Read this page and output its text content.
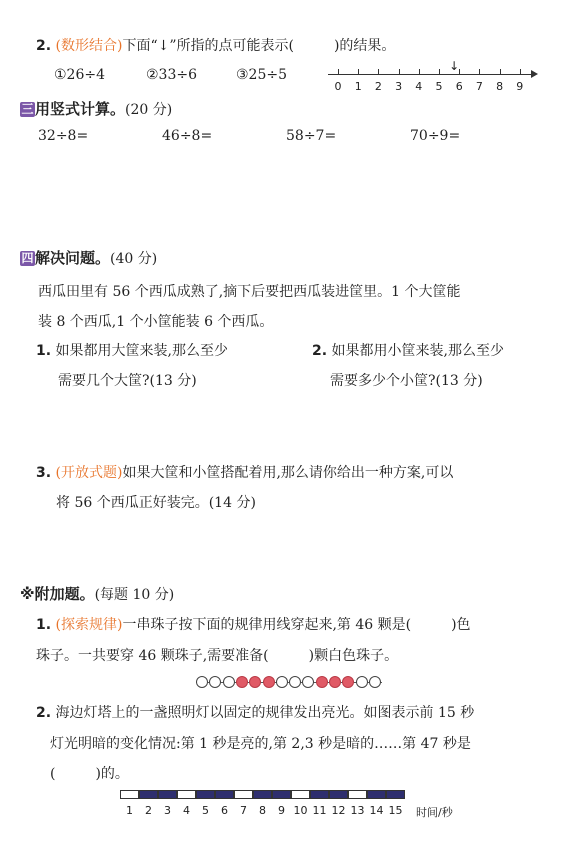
2. (数形结合)下面“↓”所指的点可能表示(	)的结果。
①26÷4	②33÷6	③25÷5
0 1 2 3 4 5 6 7 8 9
↓
三 用竖式计算。(20 分)
32÷8=	46÷8=	58÷7=	70÷9=
四 解决问题。(40 分)
西瓜田里有 56 个西瓜成熟了,摘下后要把西瓜装进筐里。1 个大筐能
装 8 个西瓜,1 个小筐能装 6 个西瓜。
1. 如果都用大筐来装,那么至少
需要几个大筐?(13 分)
2. 如果都用小筐来装,那么至少
需要多少个小筐?(13 分)
3. (开放式题)如果大筐和小筐搭配着用,那么请你给出一种方案,可以
将 56 个西瓜正好装完。(14 分)
※附加题。(每题 10 分)
1. (探索规律)一串珠子按下面的规律用线穿起来,第 46 颗是(	)色
珠子。一共要穿 46 颗珠子,需要准备(	)颗白色珠子。
2. 海边灯塔上的一盏照明灯以固定的规律发出亮光。如图表示前 15 秒
灯光明暗的变化情况:第 1 秒是亮的,第 2,3 秒是暗的……第 47 秒是
(	)的。
1	2	3	4	5	6	7	8	9 10 11 12 13 14 15 时间/秒
